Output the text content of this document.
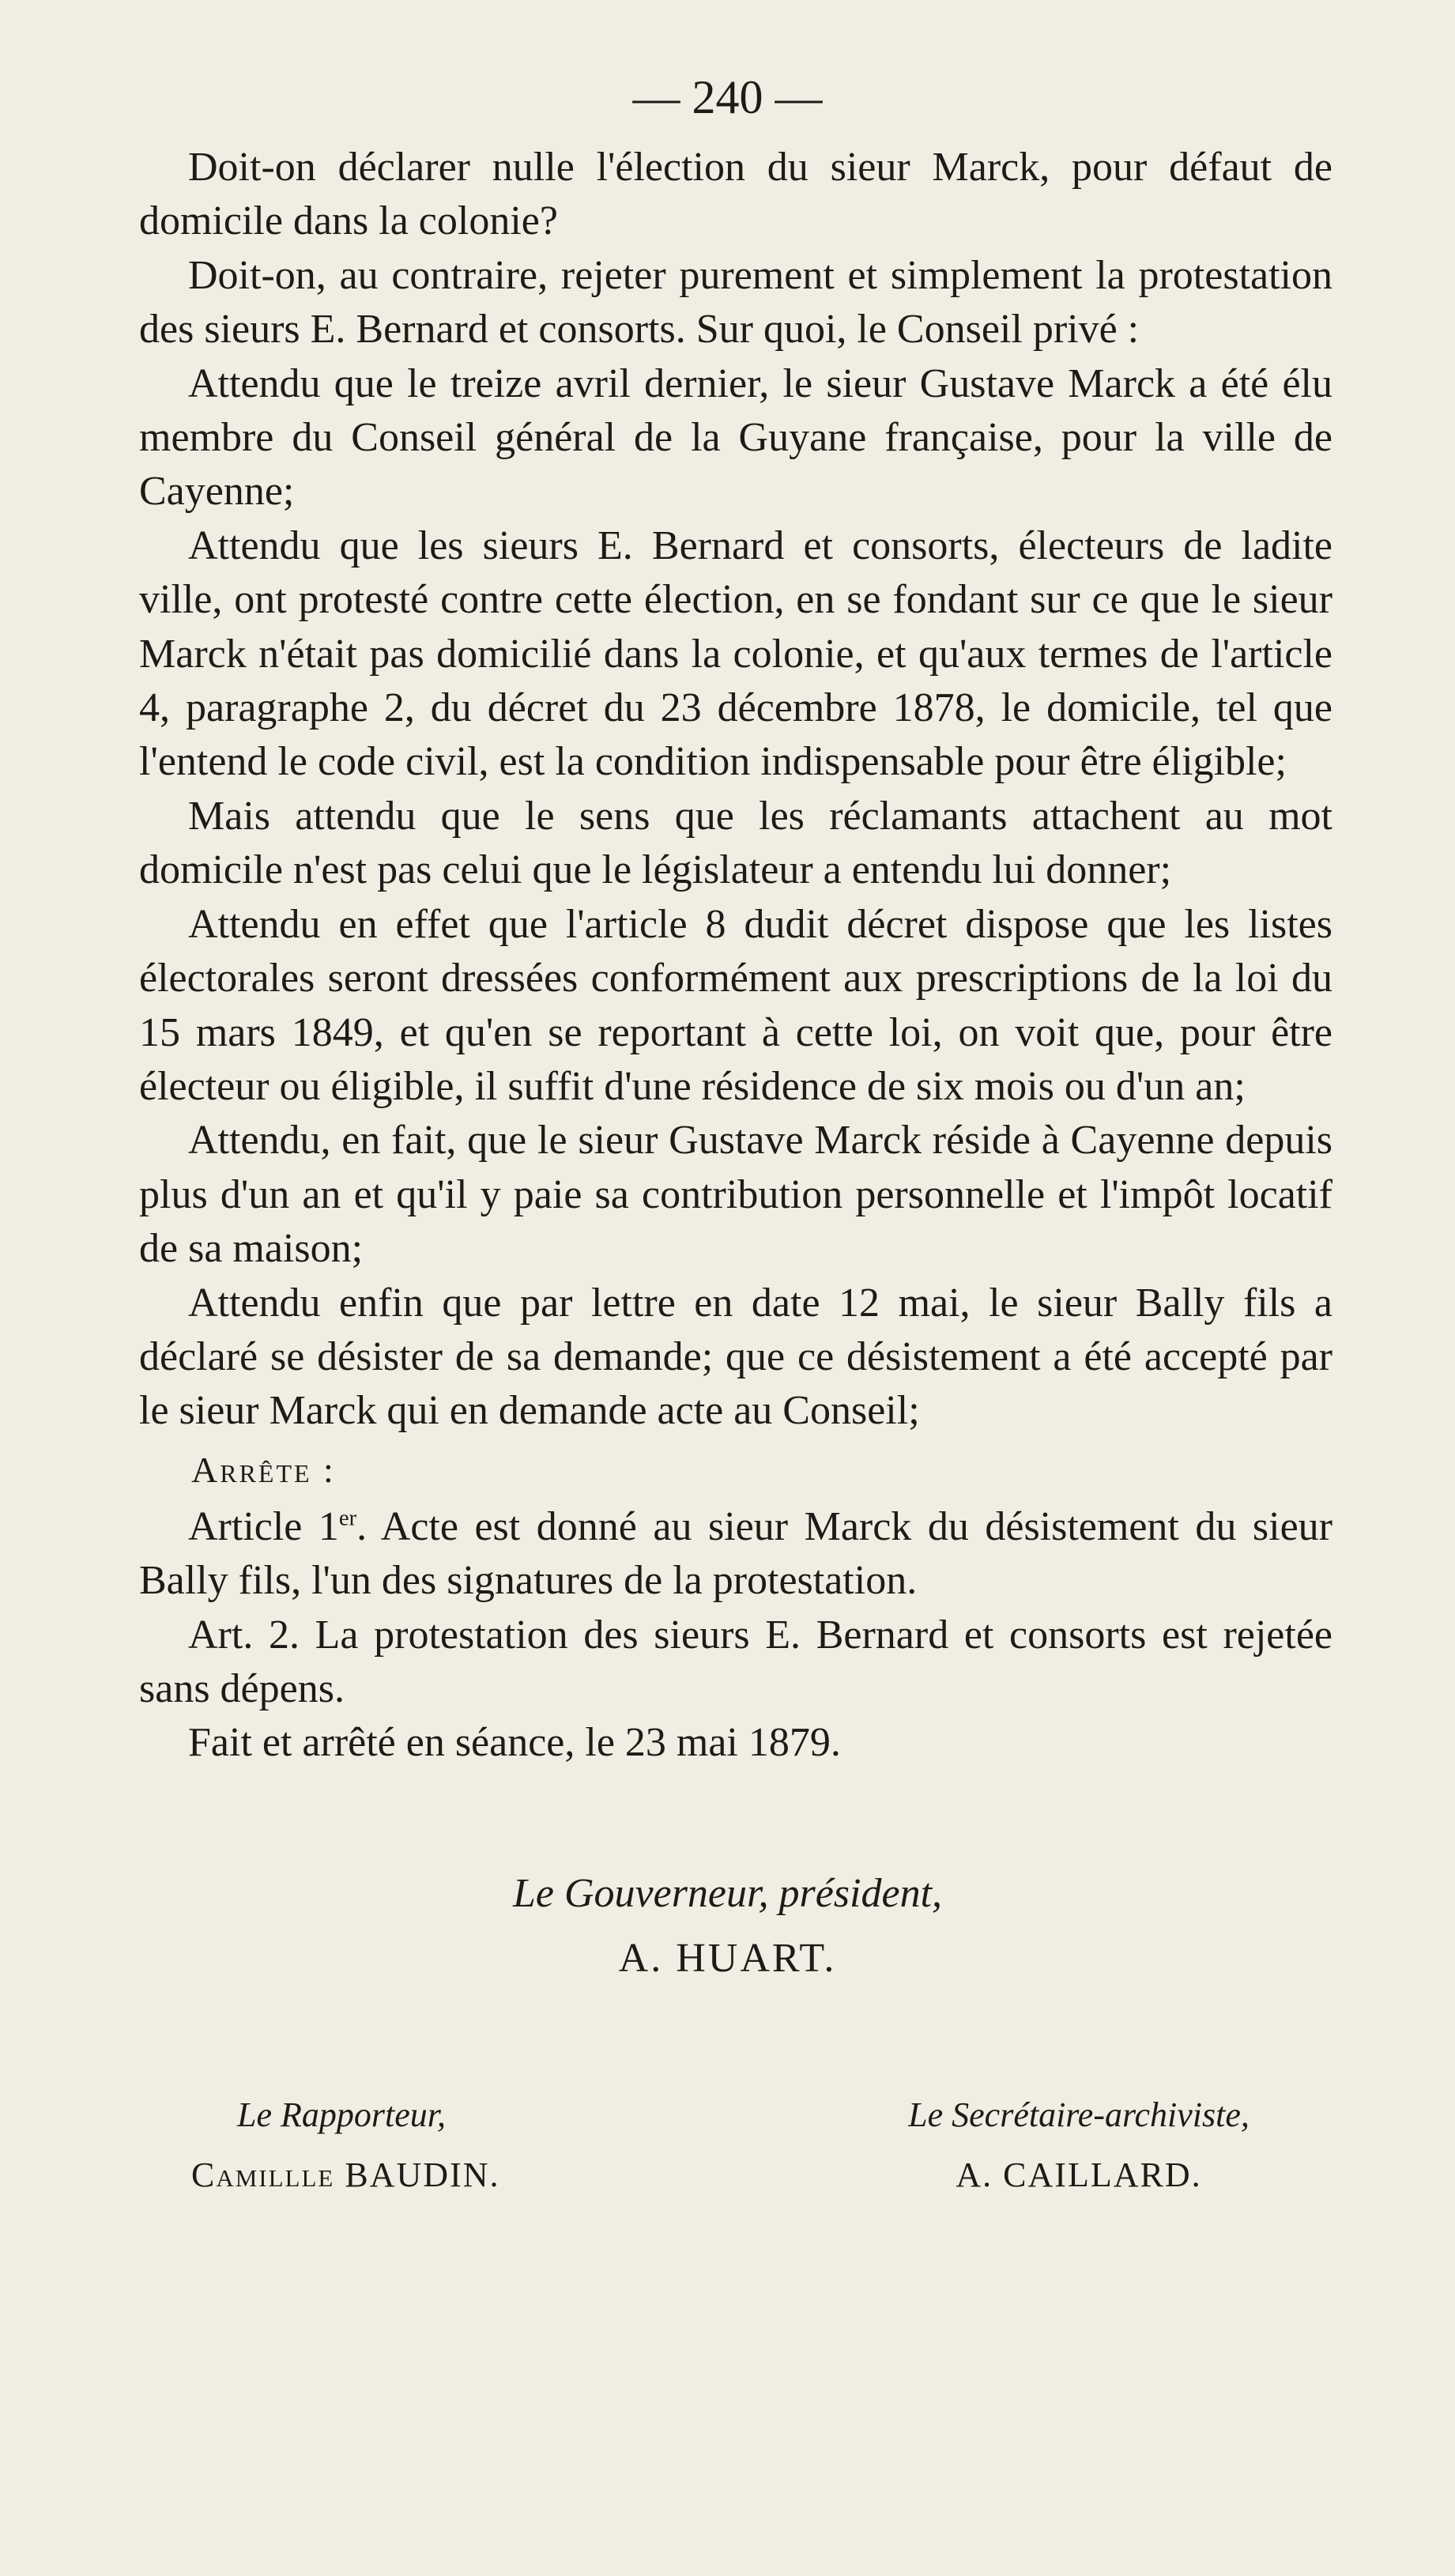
— 240 —

Doit-on déclarer nulle l'élection du sieur Marck, pour défaut de domicile dans la colonie?

Doit-on, au contraire, rejeter purement et simplement la protestation des sieurs E. Bernard et consorts. Sur quoi, le Conseil privé :

Attendu que le treize avril dernier, le sieur Gustave Marck a été élu membre du Conseil général de la Guyane française, pour la ville de Cayenne;

Attendu que les sieurs E. Bernard et consorts, électeurs de ladite ville, ont protesté contre cette élection, en se fondant sur ce que le sieur Marck n'était pas domicilié dans la colonie, et qu'aux termes de l'article 4, paragraphe 2, du décret du 23 décembre 1878, le domicile, tel que l'entend le code civil, est la condition indispensable pour être éligible;

Mais attendu que le sens que les réclamants attachent au mot domicile n'est pas celui que le législateur a entendu lui donner;

Attendu en effet que l'article 8 dudit décret dispose que les listes électorales seront dressées conformément aux prescriptions de la loi du 15 mars 1849, et qu'en se reportant à cette loi, on voit que, pour être électeur ou éligible, il suffit d'une résidence de six mois ou d'un an;

Attendu, en fait, que le sieur Gustave Marck réside à Cayenne depuis plus d'un an et qu'il y paie sa contribution personnelle et l'impôt locatif de sa maison;

Attendu enfin que par lettre en date 12 mai, le sieur Bally fils a déclaré se désister de sa demande; que ce désistement a été accepté par le sieur Marck qui en demande acte au Conseil;

Arrête :

Article 1er. Acte est donné au sieur Marck du désistement du sieur Bally fils, l'un des signatures de la protestation.

Art. 2. La protestation des sieurs E. Bernard et consorts est rejetée sans dépens.

Fait et arrêté en séance, le 23 mai 1879.

Le Gouverneur, président,
A. HUART.
Le Rapporteur,
Camillle BAUDIN.
Le Secrétaire-archiviste,
A. CAILLARD.
